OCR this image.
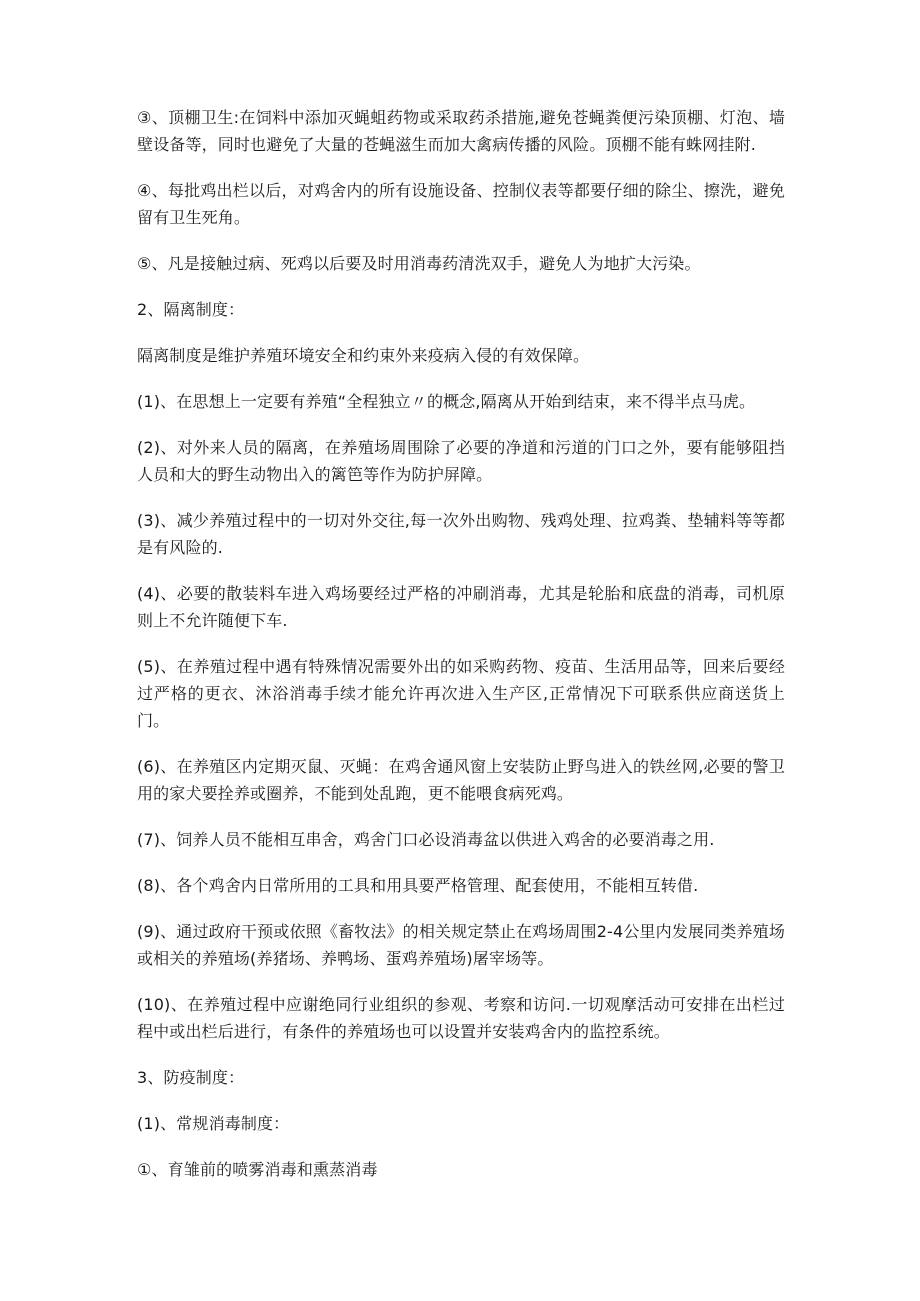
③、顶棚卫生:在饲料中添加灭蝇蛆药物或采取药杀措施,避免苍蝇粪便污染顶棚、灯泡、墙壁设备等，同时也避免了大量的苍蝇滋生而加大禽病传播的风险。顶棚不能有蛛网挂附.

④、每批鸡出栏以后，对鸡舍内的所有设施设备、控制仪表等都要仔细的除尘、擦洗，避免留有卫生死角。

⑤、凡是接触过病、死鸡以后要及时用消毒药清洗双手，避免人为地扩大污染。

2、隔离制度：

隔离制度是维护养殖环境安全和约束外来疫病入侵的有效保障。

(1)、在思想上一定要有养殖“全程独立〃的概念,隔离从开始到结束，来不得半点马虎。

(2)、对外来人员的隔离，在养殖场周围除了必要的净道和污道的门口之外，要有能够阻挡人员和大的野生动物出入的篱笆等作为防护屏障。

(3)、减少养殖过程中的一切对外交往,每一次外出购物、残鸡处理、拉鸡粪、垫辅料等等都是有风险的.

(4)、必要的散装料车进入鸡场要经过严格的冲刷消毒，尤其是轮胎和底盘的消毒，司机原则上不允许随便下车.

(5)、在养殖过程中遇有特殊情况需要外出的如采购药物、疫苗、生活用品等，回来后要经过严格的更衣、沐浴消毒手续才能允许再次进入生产区,正常情况下可联系供应商送货上门。

(6)、在养殖区内定期灭鼠、灭蝇：在鸡舍通风窗上安装防止野鸟进入的铁丝网,必要的警卫用的家犬要拴养或圈养，不能到处乱跑，更不能喂食病死鸡。

(7)、饲养人员不能相互串舍，鸡舍门口必设消毒盆以供进入鸡舍的必要消毒之用.

(8)、各个鸡舍内日常所用的工具和用具要严格管理、配套使用，不能相互转借.

(9)、通过政府干预或依照《畜牧法》的相关规定禁止在鸡场周围2-4公里内发展同类养殖场或相关的养殖场(养猪场、养鸭场、蛋鸡养殖场)屠宰场等。

(10)、在养殖过程中应谢绝同行业组织的参观、考察和访问.一切观摩活动可安排在出栏过程中或出栏后进行，有条件的养殖场也可以设置并安装鸡舍内的监控系统。

3、防疫制度：

(1)、常规消毒制度：

①、育雏前的喷雾消毒和熏蒸消毒
